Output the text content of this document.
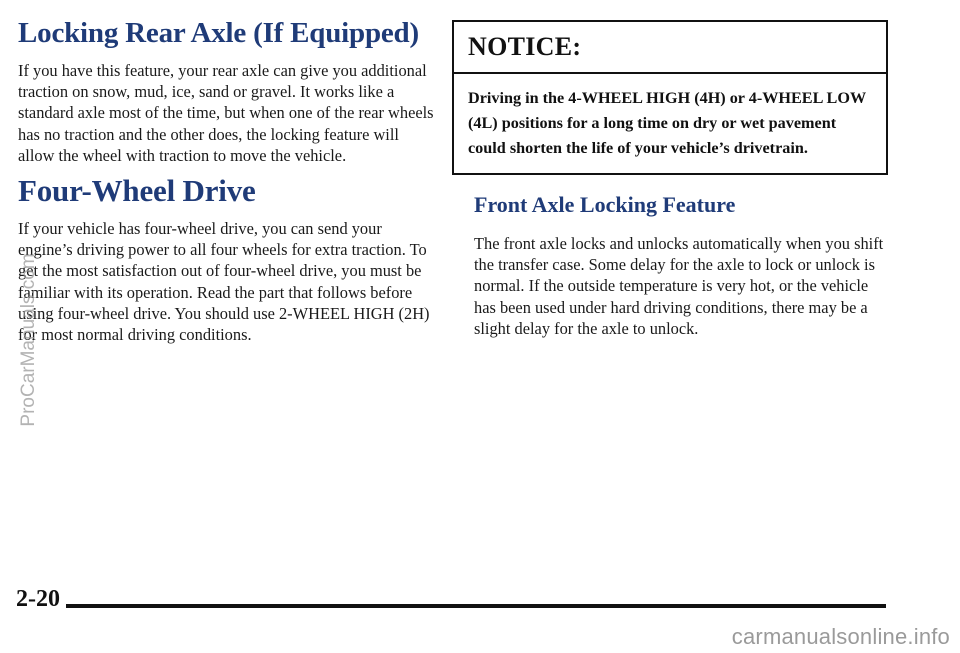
Locking Rear Axle (If Equipped)

If you have this feature, your rear axle can give you additional traction on snow, mud, ice, sand or gravel. It works like a standard axle most of the time, but when one of the rear wheels has no traction and the other does, the locking feature will allow the wheel with traction to move the vehicle.

Four-Wheel Drive

If your vehicle has four-wheel drive, you can send your engine’s driving power to all four wheels for extra traction. To get the most satisfaction out of four-wheel drive, you must be familiar with its operation. Read the part that follows before using four-wheel drive. You should use 2-WHEEL HIGH (2H) for most normal driving conditions.

NOTICE:
Driving in the 4-WHEEL HIGH (4H) or 4-WHEEL LOW (4L) positions for a long time on dry or wet pavement could shorten the life of your vehicle’s drivetrain.
Front Axle Locking Feature

The front axle locks and unlocks automatically when you shift the transfer case. Some delay for the axle to lock or unlock is normal. If the outside temperature is very hot, or the vehicle has been used under hard driving conditions, there may be a slight delay for the axle to unlock.

ProCarManuals.com
2-20
carmanualsonline.info
